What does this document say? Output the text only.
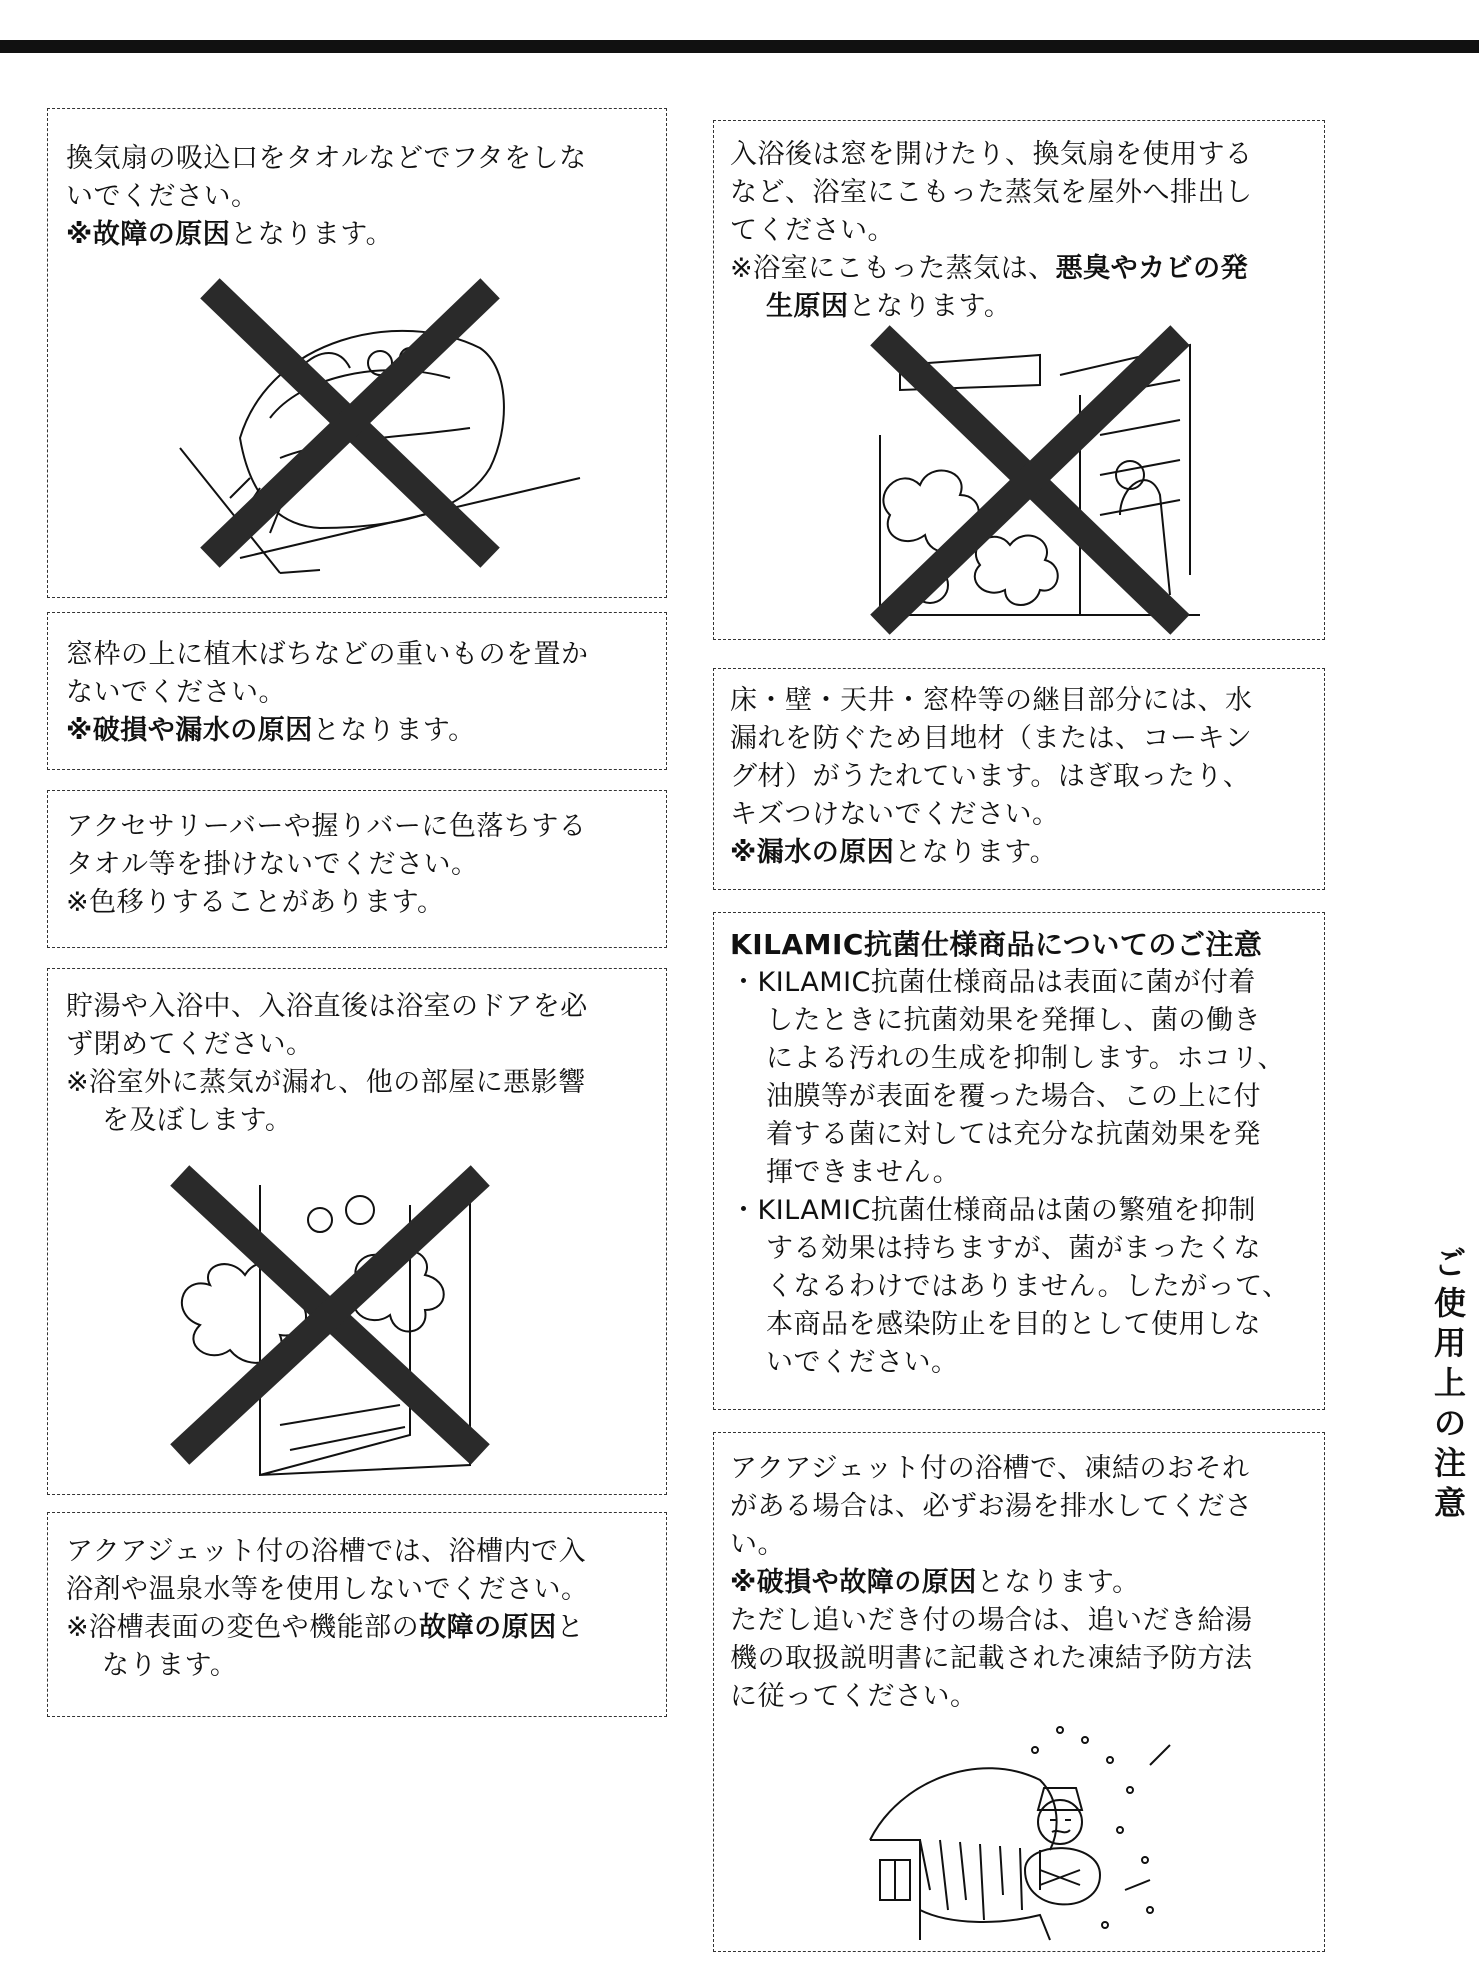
換気扇の吸込口をタオルなどでフタをしな
いでください。
※故障の原因となります。
窓枠の上に植木ばちなどの重いものを置か
ないでください。
※破損や漏水の原因となります。
アクセサリーバーや握りバーに色落ちする
タオル等を掛けないでください。
※色移りすることがあります。
貯湯や入浴中、入浴直後は浴室のドアを必
ず閉めてください。
※浴室外に蒸気が漏れ、他の部屋に悪影響
を及ぼします。
アクアジェット付の浴槽では、浴槽内で入
浴剤や温泉水等を使用しないでください。
※浴槽表面の変色や機能部の故障の原因と
なります。
入浴後は窓を開けたり、換気扇を使用する
など、浴室にこもった蒸気を屋外へ排出し
てください。
※浴室にこもった蒸気は、悪臭やカビの発
生原因となります。
床・壁・天井・窓枠等の継目部分には、水
漏れを防ぐため目地材（または、コーキン
グ材）がうたれています。はぎ取ったり、
キズつけないでください。
※漏水の原因となります。
KILAMIC抗菌仕様商品についてのご注意
・KILAMIC抗菌仕様商品は表面に菌が付着
したときに抗菌効果を発揮し、菌の働き
による汚れの生成を抑制します。ホコリ、
油膜等が表面を覆った場合、この上に付
着する菌に対しては充分な抗菌効果を発
揮できません。
・KILAMIC抗菌仕様商品は菌の繁殖を抑制
する効果は持ちますが、菌がまったくな
くなるわけではありません。したがって、
本商品を感染防止を目的として使用しな
いでください。
アクアジェット付の浴槽で、凍結のおそれ
がある場合は、必ずお湯を排水してくださ
い。
※破損や故障の原因となります。
ただし追いだき付の場合は、追いだき給湯
機の取扱説明書に記載された凍結予防方法
に従ってください。
ご
使
用
上
の
注
意
